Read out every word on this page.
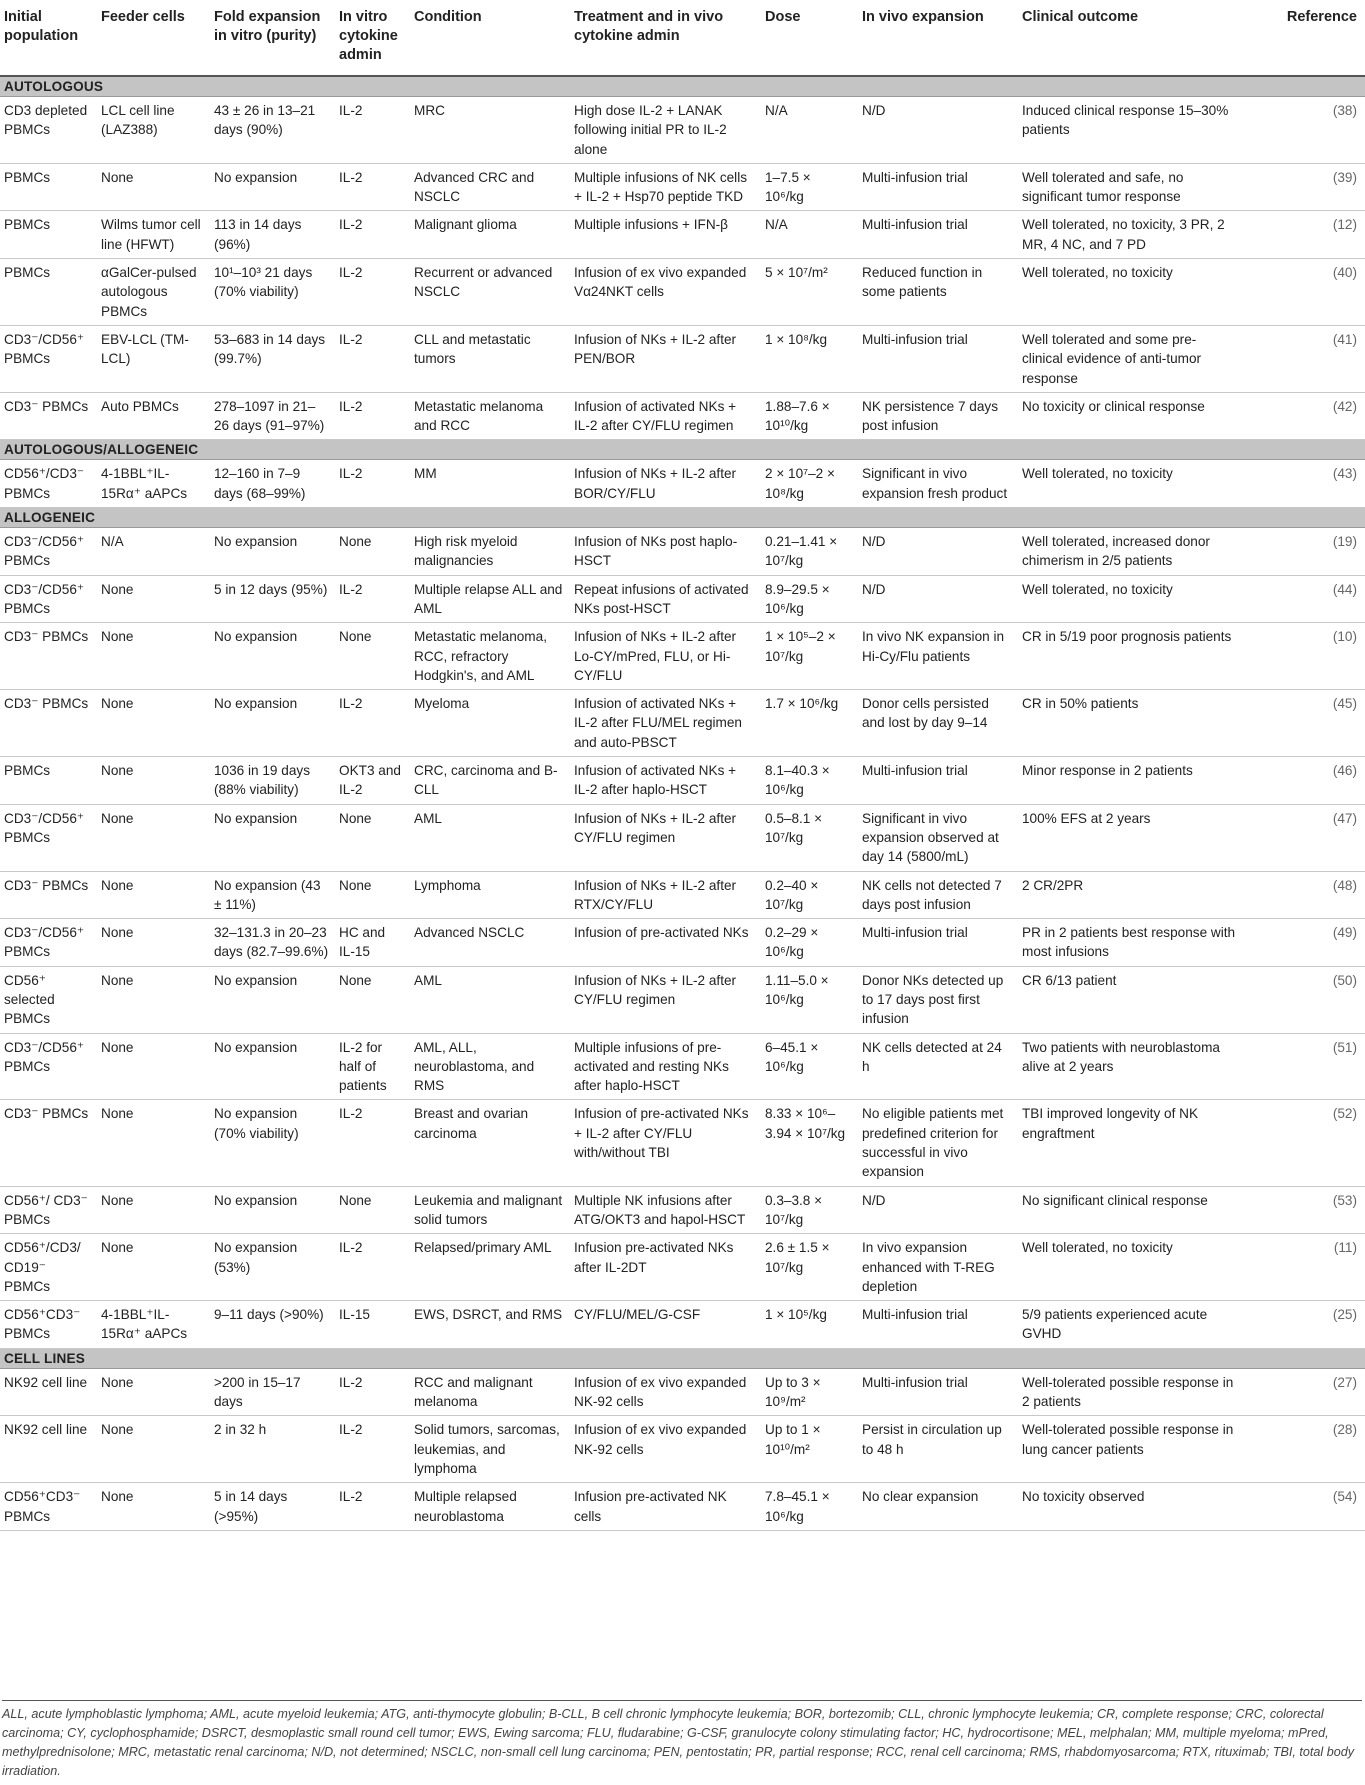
Initial population	Feeder cells	Fold expansion in vitro (purity)	In vitro cytokine admin	Condition	Treatment and in vivo cytokine admin	Dose	In vivo expansion	Clinical outcome	Reference
AUTOLOGOUS									
CD3 depleted PBMCs	LCL cell line (LAZ388)	43 ± 26 in 13–21 days (90%)	IL-2	MRC	High dose IL-2 + LANAK following initial PR to IL-2 alone	N/A	N/D	Induced clinical response 15–30% patients	(38)
PBMCs	None	No expansion	IL-2	Advanced CRC and NSCLC	Multiple infusions of NK cells + IL-2 + Hsp70 peptide TKD	1–7.5 × 10⁶/kg	Multi-infusion trial	Well tolerated and safe, no significant tumor response	(39)
PBMCs	Wilms tumor cell line (HFWT)	113 in 14 days (96%)	IL-2	Malignant glioma	Multiple infusions + IFN-β	N/A	Multi-infusion trial	Well tolerated, no toxicity, 3 PR, 2 MR, 4 NC, and 7 PD	(12)
PBMCs	αGalCer-pulsed autologous PBMCs	10¹–10³ 21 days (70% viability)	IL-2	Recurrent or advanced NSCLC	Infusion of ex vivo expanded Vα24NKT cells	5 × 10⁷/m²	Reduced function in some patients	Well tolerated, no toxicity	(40)
CD3⁻/CD56⁺ PBMCs	EBV-LCL (TM-LCL)	53–683 in 14 days (99.7%)	IL-2	CLL and metastatic tumors	Infusion of NKs + IL-2 after PEN/BOR	1 × 10⁸/kg	Multi-infusion trial	Well tolerated and some pre-clinical evidence of anti-tumor response	(41)
CD3⁻ PBMCs	Auto PBMCs	278–1097 in 21–26 days (91–97%)	IL-2	Metastatic melanoma and RCC	Infusion of activated NKs + IL-2 after CY/FLU regimen	1.88–7.6 × 10¹⁰/kg	NK persistence 7 days post infusion	No toxicity or clinical response	(42)
AUTOLOGOUS/ALLOGENEIC									
CD56⁺/CD3⁻ PBMCs	4-1BBL⁺IL-15Rα⁺ aAPCs	12–160 in 7–9 days (68–99%)	IL-2	MM	Infusion of NKs + IL-2 after BOR/CY/FLU	2 × 10⁷–2 × 10⁸/kg	Significant in vivo expansion fresh product	Well tolerated, no toxicity	(43)
ALLOGENEIC									
CD3⁻/CD56⁺ PBMCs	N/A	No expansion	None	High risk myeloid malignancies	Infusion of NKs post haplo-HSCT	0.21–1.41 × 10⁷/kg	N/D	Well tolerated, increased donor chimerism in 2/5 patients	(19)
CD3⁻/CD56⁺ PBMCs	None	5 in 12 days (95%)	IL-2	Multiple relapse ALL and AML	Repeat infusions of activated NKs post-HSCT	8.9–29.5 × 10⁶/kg	N/D	Well tolerated, no toxicity	(44)
CD3⁻ PBMCs	None	No expansion	None	Metastatic melanoma, RCC, refractory Hodgkin's, and AML	Infusion of NKs + IL-2 after Lo-CY/mPred, FLU, or Hi-CY/FLU	1 × 10⁵–2 × 10⁷/kg	In vivo NK expansion in Hi-Cy/Flu patients	CR in 5/19 poor prognosis patients	(10)
CD3⁻ PBMCs	None	No expansion	IL-2	Myeloma	Infusion of activated NKs + IL-2 after FLU/MEL regimen and auto-PBSCT	1.7 × 10⁶/kg	Donor cells persisted and lost by day 9–14	CR in 50% patients	(45)
PBMCs	None	1036 in 19 days (88% viability)	OKT3 and IL-2	CRC, carcinoma and B-CLL	Infusion of activated NKs + IL-2 after haplo-HSCT	8.1–40.3 × 10⁶/kg	Multi-infusion trial	Minor response in 2 patients	(46)
CD3⁻/CD56⁺ PBMCs	None	No expansion	None	AML	Infusion of NKs + IL-2 after CY/FLU regimen	0.5–8.1 × 10⁷/kg	Significant in vivo expansion observed at day 14 (5800/mL)	100% EFS at 2 years	(47)
CD3⁻ PBMCs	None	No expansion (43 ± 11%)	None	Lymphoma	Infusion of NKs + IL-2 after RTX/CY/FLU	0.2–40 × 10⁷/kg	NK cells not detected 7 days post infusion	2 CR/2PR	(48)
CD3⁻/CD56⁺ PBMCs	None	32–131.3 in 20–23 days (82.7–99.6%)	HC and IL-15	Advanced NSCLC	Infusion of pre-activated NKs	0.2–29 × 10⁶/kg	Multi-infusion trial	PR in 2 patients best response with most infusions	(49)
CD56⁺ selected PBMCs	None	No expansion	None	AML	Infusion of NKs + IL-2 after CY/FLU regimen	1.11–5.0 × 10⁶/kg	Donor NKs detected up to 17 days post first infusion	CR 6/13 patient	(50)
CD3⁻/CD56⁺ PBMCs	None	No expansion	IL-2 for half of patients	AML, ALL, neuroblastoma, and RMS	Multiple infusions of pre-activated and resting NKs after haplo-HSCT	6–45.1 × 10⁶/kg	NK cells detected at 24 h	Two patients with neuroblastoma alive at 2 years	(51)
CD3⁻ PBMCs	None	No expansion (70% viability)	IL-2	Breast and ovarian carcinoma	Infusion of pre-activated NKs + IL-2 after CY/FLU with/without TBI	8.33 × 10⁶–3.94 × 10⁷/kg	No eligible patients met predefined criterion for successful in vivo expansion	TBI improved longevity of NK engraftment	(52)
CD56⁺/ CD3⁻ PBMCs	None	No expansion	None	Leukemia and malignant solid tumors	Multiple NK infusions after ATG/OKT3 and hapol-HSCT	0.3–3.8 × 10⁷/kg	N/D	No significant clinical response	(53)
CD56⁺/CD3/ CD19⁻ PBMCs	None	No expansion (53%)	IL-2	Relapsed/primary AML	Infusion pre-activated NKs after IL-2DT	2.6 ± 1.5 × 10⁷/kg	In vivo expansion enhanced with T-REG depletion	Well tolerated, no toxicity	(11)
CD56⁺CD3⁻ PBMCs	4-1BBL⁺IL-15Rα⁺ aAPCs	9–11 days (>90%)	IL-15	EWS, DSRCT, and RMS	CY/FLU/MEL/G-CSF	1 × 10⁵/kg	Multi-infusion trial	5/9 patients experienced acute GVHD	(25)
CELL LINES									
NK92 cell line	None	>200 in 15–17 days	IL-2	RCC and malignant melanoma	Infusion of ex vivo expanded NK-92 cells	Up to 3 × 10⁹/m²	Multi-infusion trial	Well-tolerated possible response in 2 patients	(27)
NK92 cell line	None	2 in 32 h	IL-2	Solid tumors, sarcomas, leukemias, and lymphoma	Infusion of ex vivo expanded NK-92 cells	Up to 1 × 10¹⁰/m²	Persist in circulation up to 48 h	Well-tolerated possible response in lung cancer patients	(28)
CD56⁺CD3⁻ PBMCs	None	5 in 14 days (>95%)	IL-2	Multiple relapsed neuroblastoma	Infusion pre-activated NK cells	7.8–45.1 × 10⁶/kg	No clear expansion	No toxicity observed	(54)
ALL, acute lymphoblastic lymphoma; AML, acute myeloid leukemia; ATG, anti-thymocyte globulin; B-CLL, B cell chronic lymphocyte leukemia; BOR, bortezomib; CLL, chronic lymphocyte leukemia; CR, complete response; CRC, colorectal carcinoma; CY, cyclophosphamide; DSRCT, desmoplastic small round cell tumor; EWS, Ewing sarcoma; FLU, fludarabine; G-CSF, granulocyte colony stimulating factor; HC, hydrocortisone; MEL, melphalan; MM, multiple myeloma; mPred, methylprednisolone; MRC, metastatic renal carcinoma; N/D, not determined; NSCLC, non-small cell lung carcinoma; PEN, pentostatin; PR, partial response; RCC, renal cell carcinoma; RMS, rhabdomyosarcoma; RTX, rituximab; TBI, total body irradiation.
